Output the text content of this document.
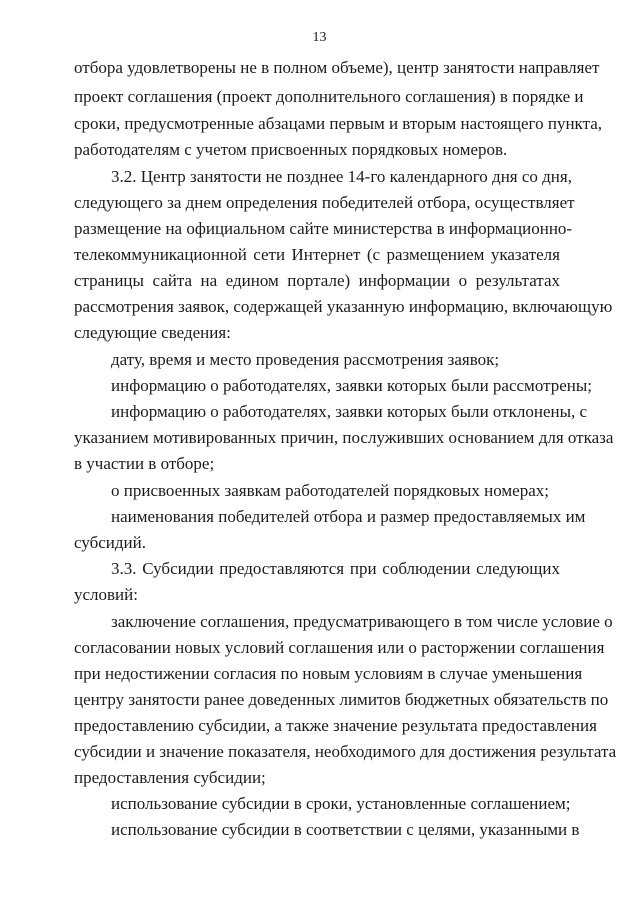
13
отбора удовлетворены не в полном объеме), центр занятости направляет
проект соглашения (проект дополнительного соглашения) в порядке и
сроки, предусмотренные абзацами первым и вторым настоящего пункта,
работодателям с учетом присвоенных порядковых номеров.
3.2. Центр занятости не позднее 14-го календарного дня со дня,
следующего за днем определения победителей отбора, осуществляет
размещение на официальном сайте министерства в информационно-
телекоммуникационной сети Интернет (с размещением указателя
страницы сайта на едином портале) информации о результатах
рассмотрения заявок, содержащей указанную информацию, включающую
следующие сведения:
дату, время и место проведения рассмотрения заявок;
информацию о работодателях, заявки которых были рассмотрены;
информацию о работодателях, заявки которых были отклонены, с
указанием мотивированных причин, послуживших основанием для отказа
в участии в отборе;
о присвоенных заявкам работодателей порядковых номерах;
наименования победителей отбора и размер предоставляемых им
субсидий.
3.3. Субсидии предоставляются при соблюдении следующих
условий:
заключение соглашения, предусматривающего в том числе условие о
согласовании новых условий соглашения или о расторжении соглашения
при недостижении согласия по новым условиям в случае уменьшения
центру занятости ранее доведенных лимитов бюджетных обязательств по
предоставлению субсидии, а также значение результата предоставления
субсидии и значение показателя, необходимого для достижения результата
предоставления субсидии;
использование субсидии в сроки, установленные соглашением;
использование субсидии в соответствии с целями, указанными в
